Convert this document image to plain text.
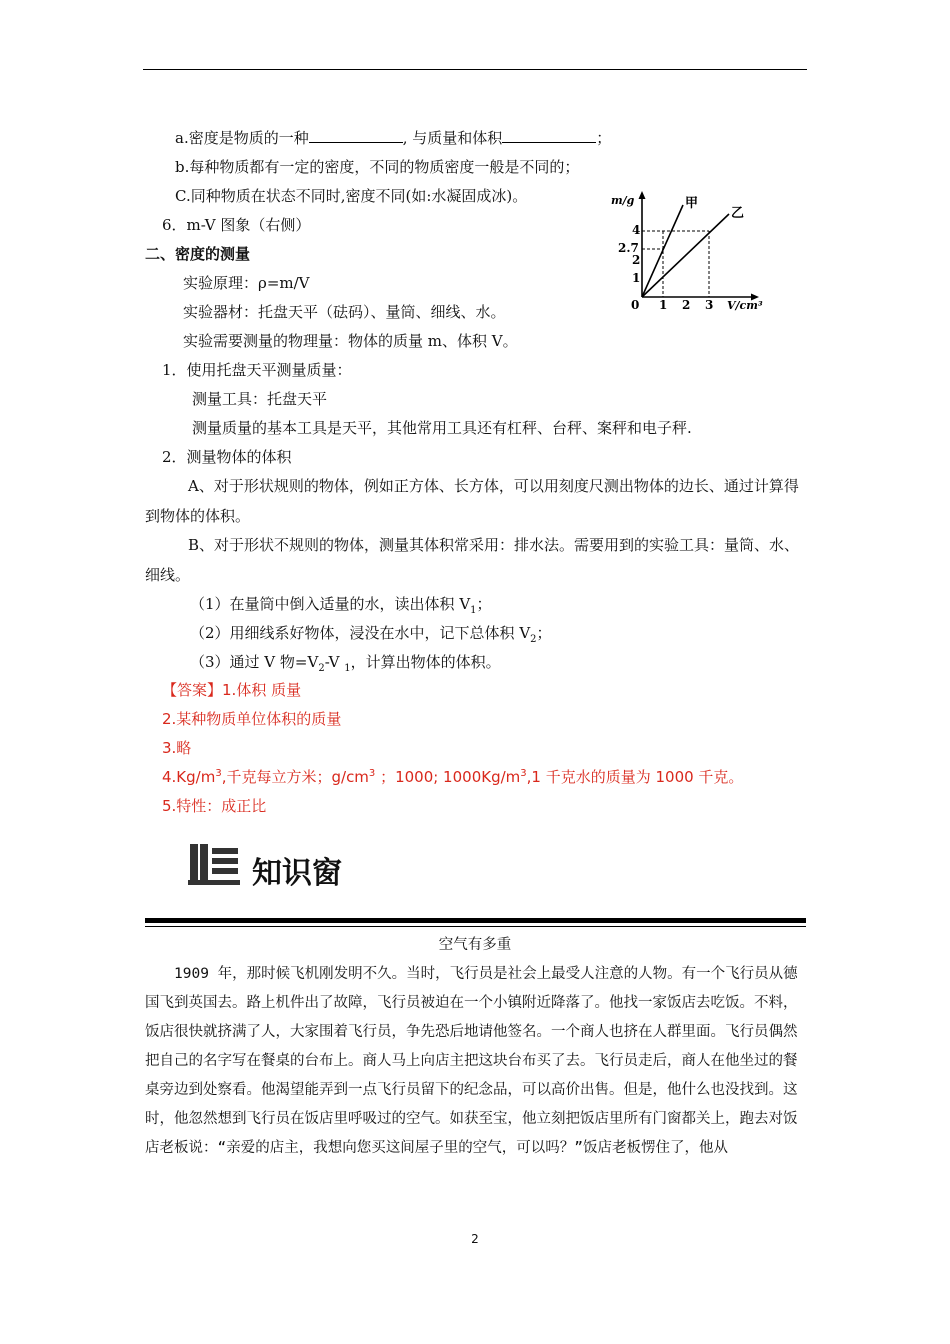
a.密度是物质的一种	, 与质量和体积	；
b.每种物质都有一定的密度，不同的物质密度一般是不同的；
C.同种物质在状态不同时,密度不同(如:水凝固成冰)。
6．m-V 图象（右侧）
m/g
V/cm³
0
4
2.7
2
1
1 2 3
甲
乙
二、密度的测量
实验原理：ρ=m/V
实验器材：托盘天平（砝码）、量筒、细线、水。
实验需要测量的物理量：物体的质量 m、体积 V。
1．使用托盘天平测量质量：
测量工具：托盘天平
测量质量的基本工具是天平，其他常用工具还有杠秤、台秤、案秤和电子秤.
2．测量物体的体积
A、对于形状规则的物体，例如正方体、长方体，可以用刻度尺测出物体的边长、通过计算得到物体的体积。
B、对于形状不规则的物体，测量其体积常采用：排水法。需要用到的实验工具：量筒、水、细线。
（1）在量筒中倒入适量的水，读出体积 $V_1$；
（2）用细线系好物体，浸没在水中，记下总体积 $V_2$；
（3）通过 V 物$=V_2-V$ $_1$，计算出物体的体积。
【答案】1.体积 质量
2.某种物质单位体积的质量
3.略
$4.Kg/m^3$,千克每立方米；$g/cm^3$ ；1000; $1000Kg/m^3,1$ 千克水的质量为 1000 千克。
5.特性：成正比
知识窗
空气有多重
1909 年，那时候飞机刚发明不久。当时，飞行员是社会上最受人注意的人物。有一个飞行员从德国飞到英国去。路上机件出了故障，飞行员被迫在一个小镇附近降落了。他找一家饭店去吃饭。不料，饭店很快就挤满了人，大家围着飞行员，争先恐后地请他签名。一个商人也挤在人群里面。飞行员偶然把自己的名字写在餐桌的台布上。商人马上向店主把这块台布买了去。飞行员走后，商人在他坐过的餐桌旁边到处察看。他渴望能弄到一点飞行员留下的纪念品，可以高价出售。但是，他什么也没找到。这时，他忽然想到飞行员在饭店里呼吸过的空气。如获至宝，他立刻把饭店里所有门窗都关上，跑去对饭店老板说：“亲爱的店主，我想向您买这间屋子里的空气，可以吗？”饭店老板愣住了，他从
2
